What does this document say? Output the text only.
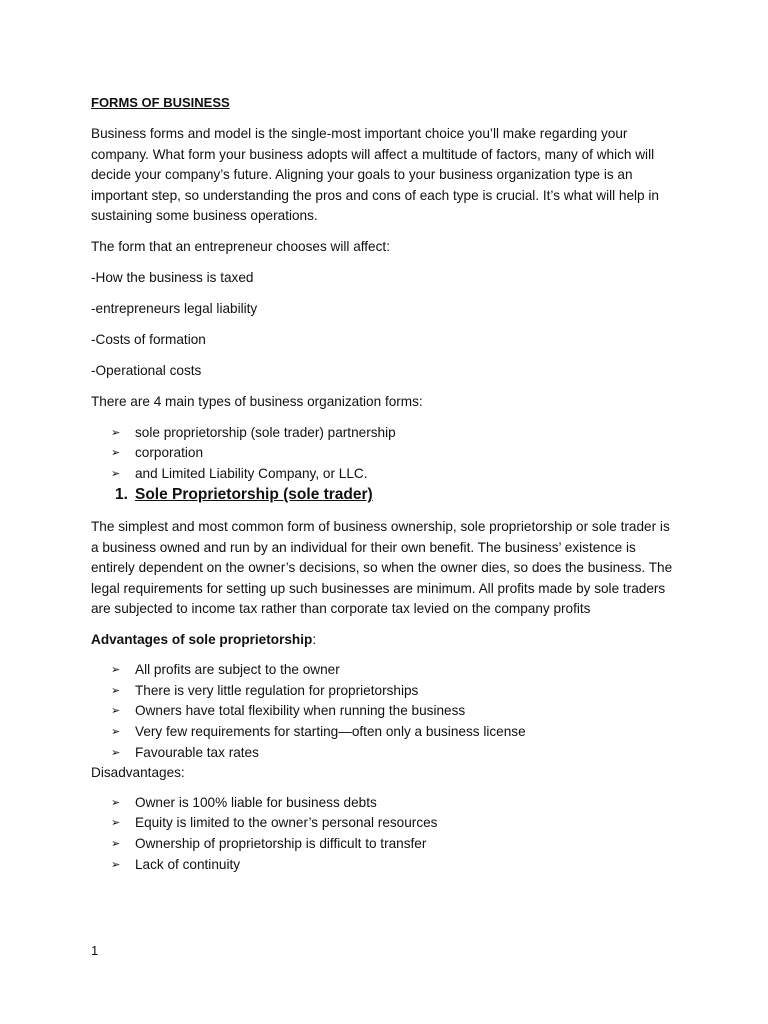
FORMS OF BUSINESS

Business forms and model is the single-most important choice you’ll make regarding your company. What form your business adopts will affect a multitude of factors, many of which will decide your company’s future. Aligning your goals to your business organization type is an important step, so understanding the pros and cons of each type is crucial. It’s what will help in sustaining some business operations.

The form that an entrepreneur chooses will affect:

-How the business is taxed

-entrepreneurs legal liability

-Costs of formation

-Operational costs

There are 4 main types of business organization forms:

➢ sole proprietorship (sole trader) partnership
➢ corporation
➢ and Limited Liability Company, or LLC.
1. Sole Proprietorship (sole trader)

The simplest and most common form of business ownership, sole proprietorship or sole trader is a business owned and run by an individual for their own benefit. The business’ existence is entirely dependent on the owner’s decisions, so when the owner dies, so does the business. The legal requirements for setting up such businesses are minimum. All profits made by sole traders are subjected to income tax rather than corporate tax levied on the company profits

Advantages of sole proprietorship:

➢ All profits are subject to the owner
➢ There is very little regulation for proprietorships
➢ Owners have total flexibility when running the business
➢ Very few requirements for starting—often only a business license
➢ Favourable tax rates

Disadvantages:

➢ Owner is 100% liable for business debts
➢ Equity is limited to the owner’s personal resources
➢ Ownership of proprietorship is difficult to transfer
➢ Lack of continuity
1
